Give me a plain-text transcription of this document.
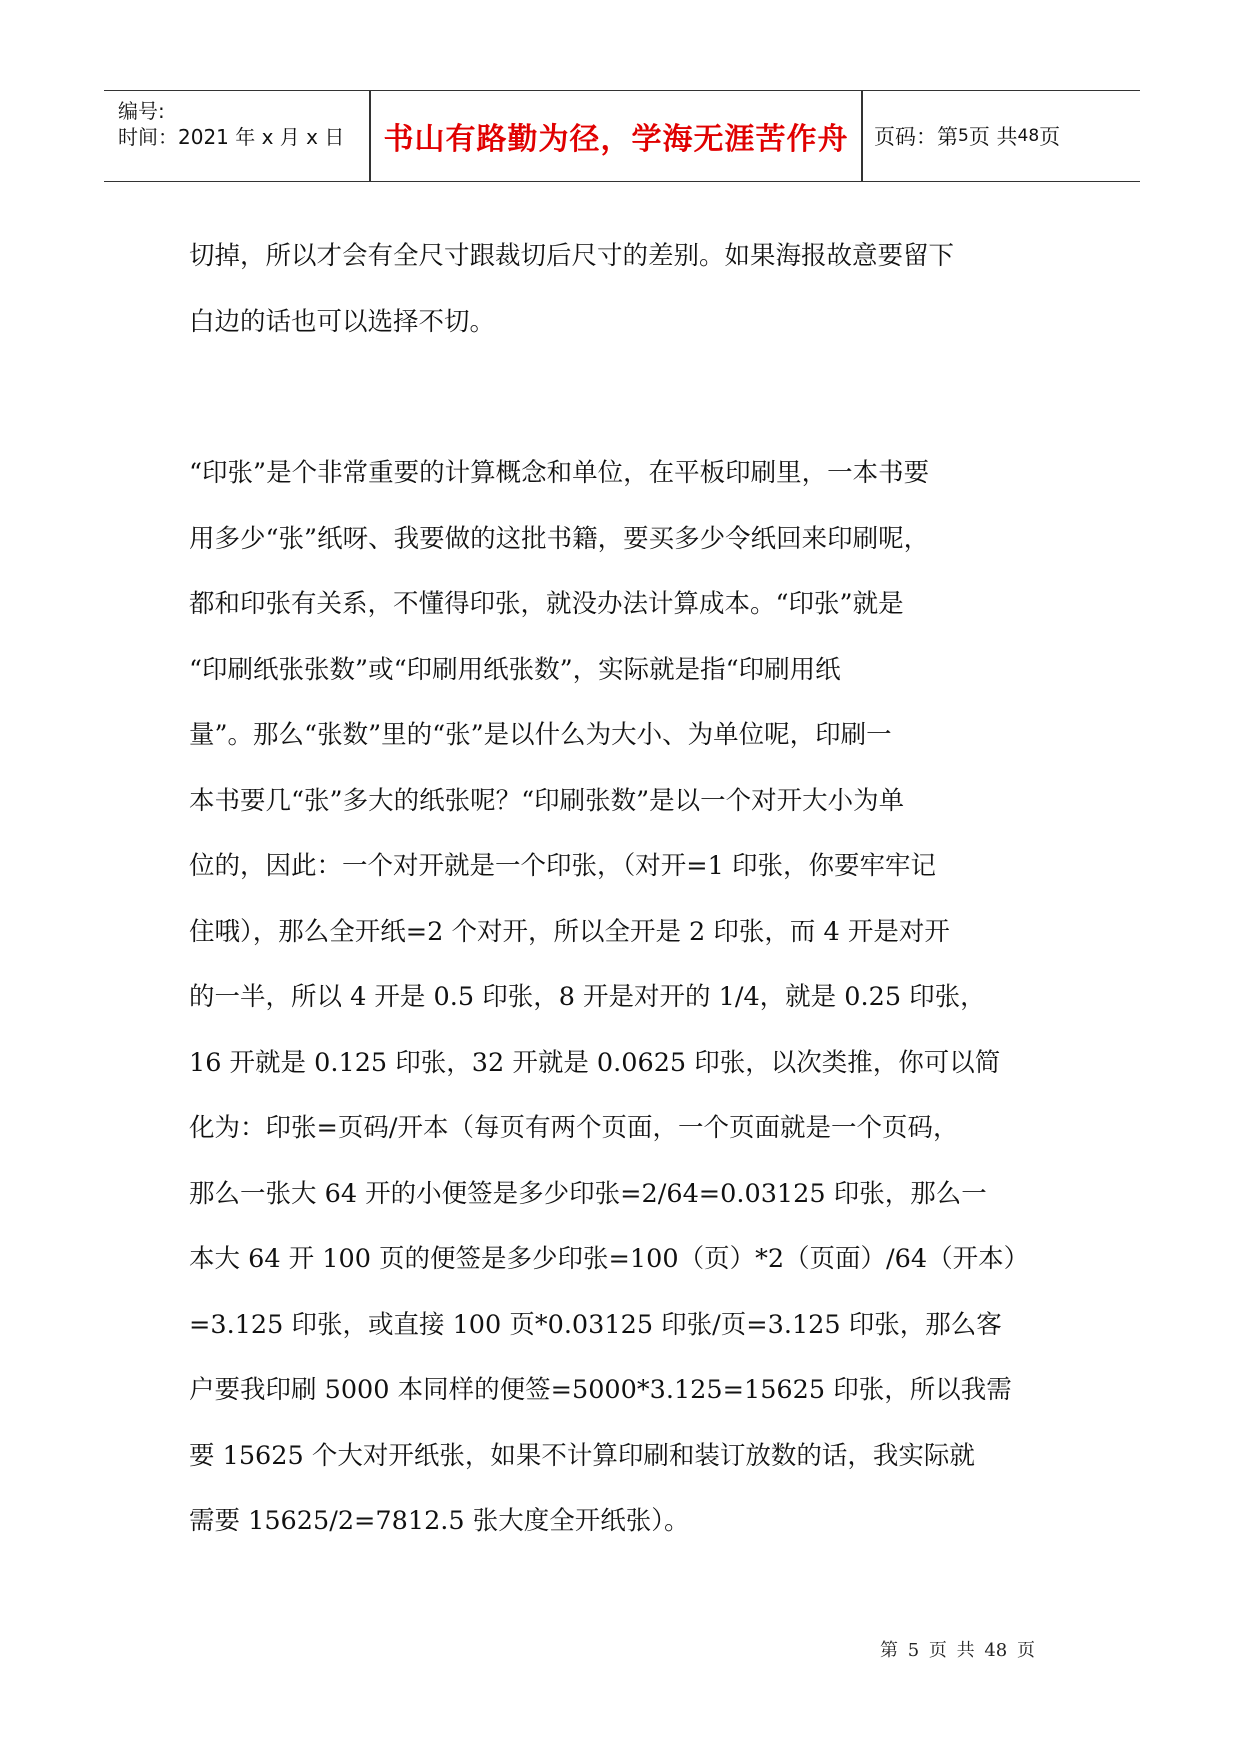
编号:
时间：2021 年 x 月 x 日	书山有路勤为径，学海无涯苦作舟	页码：第 5 页 共 48 页

切掉，所以才会有全尺寸跟裁切后尺寸的差别。如果海报故意要留下

白边的话也可以选择不切。

“印张”是个非常重要的计算概念和单位，在平板印刷里，一本书要

用多少“张”纸呀、我要做的这批书籍，要买多少令纸回来印刷呢，

都和印张有关系，不懂得印张，就没办法计算成本。“印张”就是

“印刷纸张张数”或“印刷用纸张数”，实际就是指“印刷用纸

量”。那么“张数”里的“张”是以什么为大小、为单位呢，印刷一

本书要几“张”多大的纸张呢？“印刷张数”是以一个对开大小为单

位的，因此：一个对开就是一个印张，（对开=1 印张，你要牢牢记

住哦），那么全开纸=2 个对开，所以全开是 2 印张，而 4 开是对开

的一半，所以 4 开是 0.5 印张，8 开是对开的 1/4，就是 0.25 印张，

16 开就是 0.125 印张，32 开就是 0.0625 印张，以次类推，你可以简

化为：印张=页码/开本（每页有两个页面，一个页面就是一个页码，

那么一张大 64 开的小便签是多少印张=2/64=0.03125 印张，那么一

本大 64 开 100 页的便签是多少印张=100（页）*2（页面）/64（开本）

=3.125 印张，或直接 100 页*0.03125 印张/页=3.125 印张，那么客

户要我印刷 5000 本同样的便签=5000*3.125=15625 印张，所以我需

要 15625 个大对开纸张，如果不计算印刷和装订放数的话，我实际就

需要 15625/2=7812.5 张大度全开纸张）。

第 5 页 共 48 页
